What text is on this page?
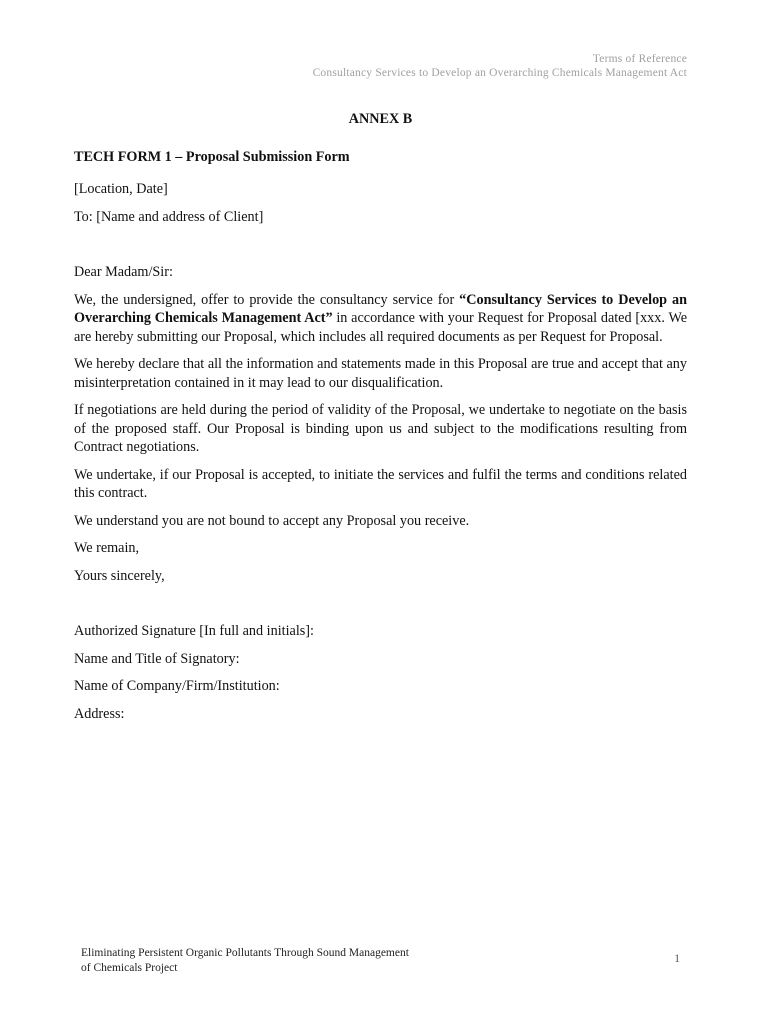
Terms of Reference
Consultancy Services to Develop an Overarching Chemicals Management Act
ANNEX B
TECH FORM 1 – Proposal Submission Form

[Location, Date]

To: [Name and address of Client]

Dear Madam/Sir:

We, the undersigned, offer to provide the consultancy service for “Consultancy Services to Develop an Overarching Chemicals Management Act” in accordance with your Request for Proposal dated [xxx. We are hereby submitting our Proposal, which includes all required documents as per Request for Proposal.

We hereby declare that all the information and statements made in this Proposal are true and accept that any misinterpretation contained in it may lead to our disqualification.

If negotiations are held during the period of validity of the Proposal, we undertake to negotiate on the basis of the proposed staff. Our Proposal is binding upon us and subject to the modifications resulting from Contract negotiations.

We undertake, if our Proposal is accepted, to initiate the services and fulfil the terms and conditions related this contract.

We understand you are not bound to accept any Proposal you receive.

We remain,

Yours sincerely,

Authorized Signature [In full and initials]:

Name and Title of Signatory:

Name of Company/Firm/Institution:

Address:

Eliminating Persistent Organic Pollutants Through Sound Management
of Chemicals Project
1
